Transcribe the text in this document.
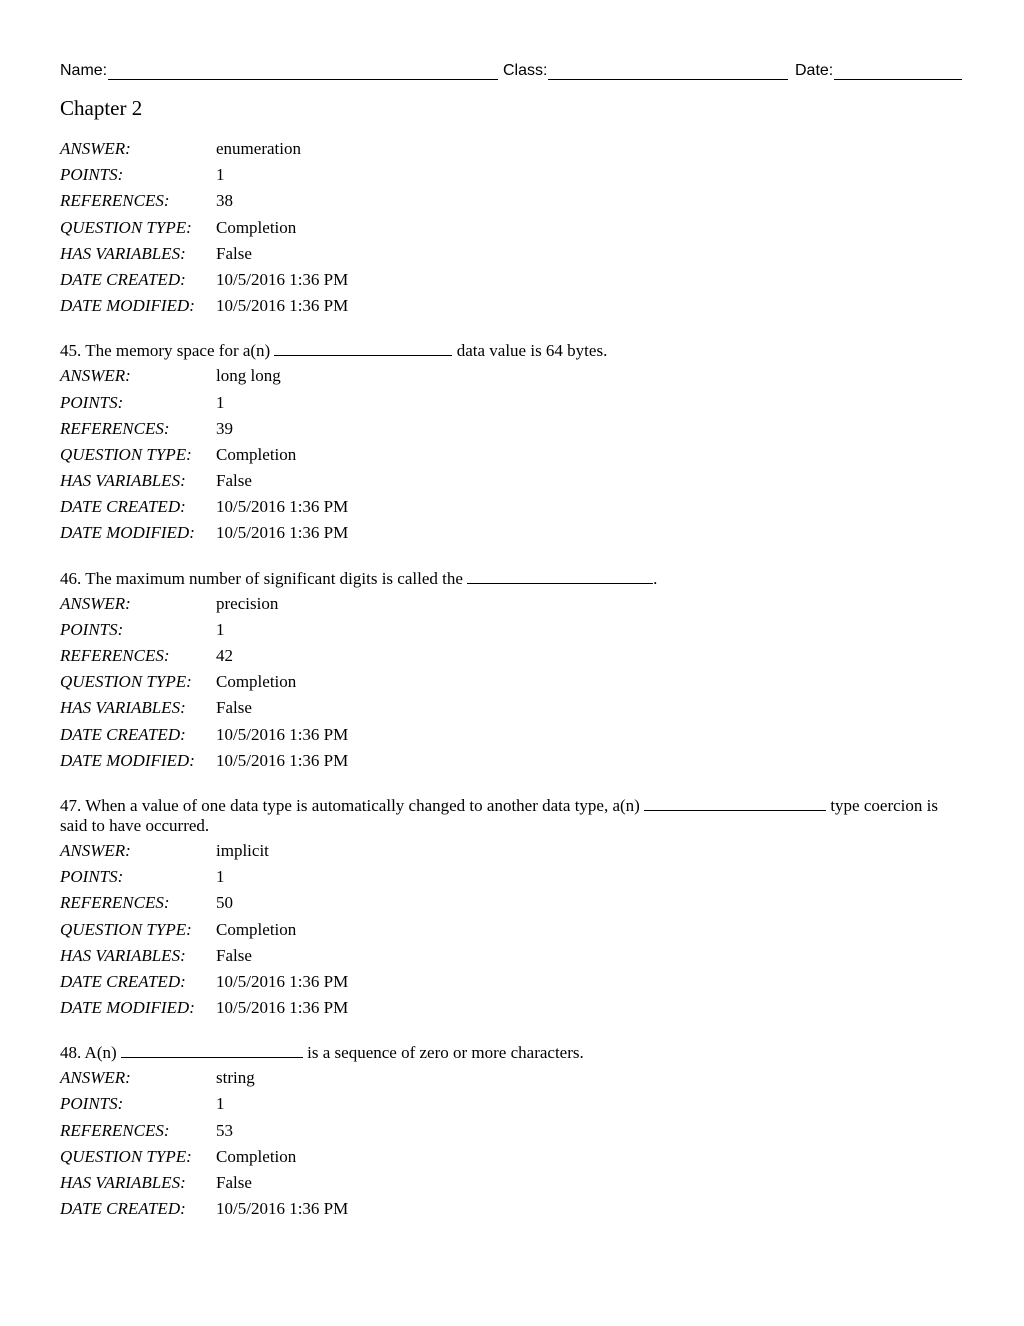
Name:	Class:	Date:
Chapter 2
ANSWER:	enumeration
POINTS:	1
REFERENCES:	38
QUESTION TYPE:	Completion
HAS VARIABLES:	False
DATE CREATED:	10/5/2016 1:36 PM
DATE MODIFIED:	10/5/2016 1:36 PM
45. The memory space for a(n)	data value is 64 bytes.
ANSWER:	long long
POINTS:	1
REFERENCES:	39
QUESTION TYPE:	Completion
HAS VARIABLES:	False
DATE CREATED:	10/5/2016 1:36 PM
DATE MODIFIED:	10/5/2016 1:36 PM
46. The maximum number of significant digits is called the	.
ANSWER:	precision
POINTS:	1
REFERENCES:	42
QUESTION TYPE:	Completion
HAS VARIABLES:	False
DATE CREATED:	10/5/2016 1:36 PM
DATE MODIFIED:	10/5/2016 1:36 PM
47. When a value of one data type is automatically changed to another data type, a(n)	type coercion is said to have occurred.
ANSWER:	implicit
POINTS:	1
REFERENCES:	50
QUESTION TYPE:	Completion
HAS VARIABLES:	False
DATE CREATED:	10/5/2016 1:36 PM
DATE MODIFIED:	10/5/2016 1:36 PM
48. A(n)	is a sequence of zero or more characters.
ANSWER:	string
POINTS:	1
REFERENCES:	53
QUESTION TYPE:	Completion
HAS VARIABLES:	False
DATE CREATED:	10/5/2016 1:36 PM
